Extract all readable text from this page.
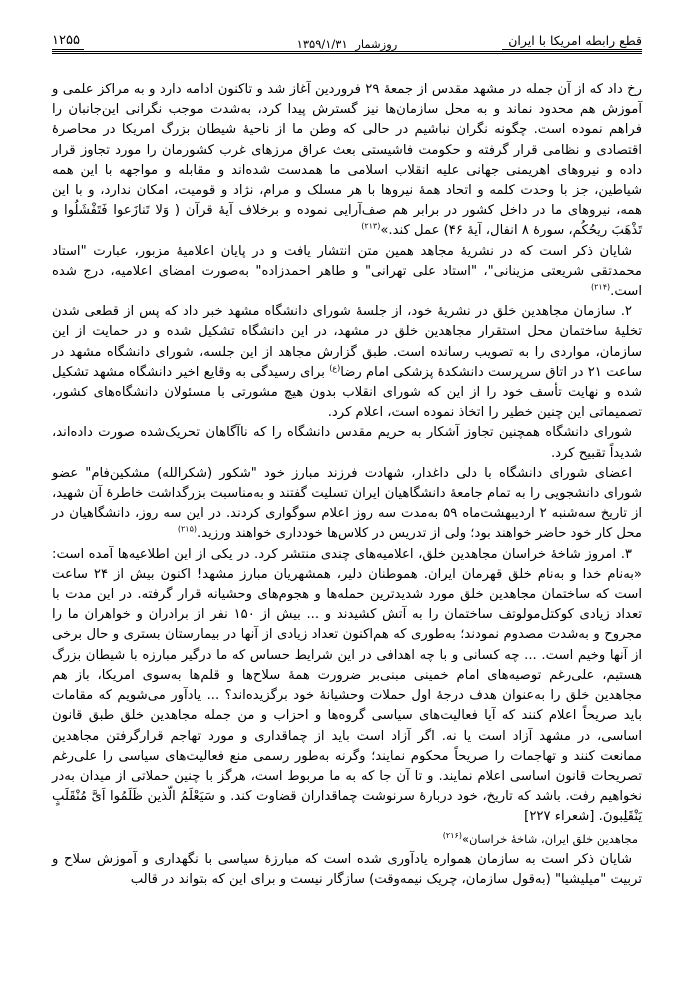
قطع رابطه امریکا با ایران
روزشمار ۱۳۵۹/۱/۳۱
۱۲۵۵

رخ داد که از آن جمله در مشهد مقدس از جمعهٔ ۲۹ فروردین آغاز شد و تاکنون ادامه دارد و به مراکز علمی و آموزش هم محدود نماند و به محل سازمان‌ها نیز گسترش پیدا کرد، به‌شدت موجب نگرانی این‌جانبان را فراهم نموده است. چگونه نگران نباشیم در حالی که وطن ما از ناحیهٔ شیطان بزرگ امریکا در محاصرهٔ اقتصادی و نظامی قرار گرفته و حکومت فاشیستی بعث عراق مرزهای غرب کشورمان را مورد تجاوز قرار داده و نیروهای اهریمنی جهانی علیه انقلاب اسلامی ما همدست شده‌اند و مقابله و مواجهه با این همه شیاطین، جز با وحدت کلمه و اتحاد همهٔ نیروها با هر مسلک و مرام، نژاد و قومیت، امکان ندارد، و با این همه، نیروهای ما در داخل کشور در برابر هم صف‌آرایی نموده و برخلاف آیهٔ قرآن ( وَلا تَنازَعوا فَتَفْشَلُوا و تَذْهَبَ ریحُکُم، سورهٔ ۸ انفال، آیهٔ ۴۶) عمل کند.»$^{(۲۱۳)}$

شایان ذکر است که در نشریهٔ مجاهد همین متن انتشار یافت و در پایان اعلامیهٔ مزبور، عبارت "استاد محمدتقی شریعتی مزینانی"، "استاد علی تهرانی" و طاهر احمدزاده" به‌صورت امضای اعلامیه، درج شده است.$^{(۲۱۴)}$

۲. سازمان مجاهدین خلق در نشریهٔ خود، از جلسهٔ شورای دانشگاه مشهد خبر داد که پس از قطعی شدن تخلیهٔ ساختمان محل استقرار مجاهدین خلق در مشهد، در این دانشگاه تشکیل شده و در حمایت از این سازمان، مواردی را به تصویب رسانده است. طبق گزارش مجاهد از این جلسه، شورای دانشگاه مشهد در ساعت ۲۱ در اتاق سرپرست دانشکدهٔ پزشکی امام رضا$^{(ع)}$ برای رسیدگی به وقایع اخیر دانشگاه مشهد تشکیل شده و نهایت تأسف خود را از این که شورای انقلاب بدون هیچ مشورتی با مسئولان دانشگاه‌های کشور، تصمیماتی این چنین خطیر را اتخاذ نموده است، اعلام کرد.

شورای دانشگاه همچنین تجاوز آشکار به حریم مقدس دانشگاه را که ناآگاهان تحریک‌شده صورت داده‌اند، شدیداً تقبیح کرد.

اعضای شورای دانشگاه با دلی داغدار، شهادت فرزند مبارز خود "شکور (شکرالله) مشکین‌فام" عضو شورای دانشجویی را به تمام جامعهٔ دانشگاهیان ایران تسلیت گفتند و به‌مناسبت بزرگداشت خاطرهٔ آن شهید، از تاریخ سه‌شنبه ۲ اردیبهشت‌ماه ۵۹ به‌مدت سه روز اعلام سوگواری کردند. در این سه روز، دانشگاهیان در محل کار خود حاضر خواهند بود؛ ولی از تدریس در کلاس‌ها خودداری خواهند ورزید.$^{(۲۱۵)}$

۳. امروز شاخهٔ خراسان مجاهدین خلق، اعلامیه‌های چندی منتشر کرد. در یکی از این اطلاعیه‌ها آمده است: «به‌نام خدا و به‌نام خلق قهرمان ایران. هموطنان دلیر، همشهریان مبارز مشهد! اکنون بیش از ۲۴ ساعت است که ساختمان مجاهدین خلق مورد شدیدترین حمله‌ها و هجوم‌های وحشیانه قرار گرفته. در این مدت با تعداد زیادی کوکتل‌مولوتف ساختمان را به آتش کشیدند و ... بیش از ۱۵۰ نفر از برادران و خواهران ما را مجروح و به‌شدت مصدوم نمودند؛ به‌طوری که هم‌اکنون تعداد زیادی از آنها در بیمارستان بستری و حال برخی از آنها وخیم است. ... چه کسانی و با چه اهدافی در این شرایط حساس که ما درگیر مبارزه با شیطان بزرگ هستیم، علی‌رغم توصیه‌های امام خمینی مبنی‌بر ضرورت همهٔ سلاح‌ها و قلم‌ها به‌سوی امریکا، باز هم مجاهدین خلق را به‌عنوان هدف درجهٔ اول حملات وحشیانهٔ خود برگزیده‌اند؟ ... یادآور می‌شویم که مقامات باید صریحاً اعلام کنند که آیا فعالیت‌های سیاسی گروه‌ها و احزاب و من جمله مجاهدین خلق طبق قانون اساسی، در مشهد آزاد است یا نه. اگر آزاد است باید از چماقداری و مورد تهاجم قرارگرفتن مجاهدین ممانعت کنند و تهاجمات را صریحاً محکوم نمایند؛ وگرنه به‌طور رسمی منع فعالیت‌های سیاسی را علی‌رغم تصریحات قانون اساسی اعلام نمایند. و تا آن جا که به ما مربوط است، هرگز با چنین حملاتی از میدان به‌در نخواهیم رفت. باشد که تاریخ، خود دربارهٔ سرنوشت چماقداران قضاوت کند. و سَیَعْلَمُ الّذین ظَلَمُوا اَیَّ مُنْقَلَبٍ یَنْقَلِبونَ. [شعراء ۲۲۷]

مجاهدین خلق ایران، شاخهٔ خراسان»$^{(۲۱۶)}$

شایان ذکر است به سازمان همواره یادآوری شده است که مبارزهٔ سیاسی با نگهداری و آموزش سلاح و تربیت "میلیشیا" (به‌قول سازمان، چریک نیمه‌وقت) سازگار نیست و برای این که بتواند در قالب
